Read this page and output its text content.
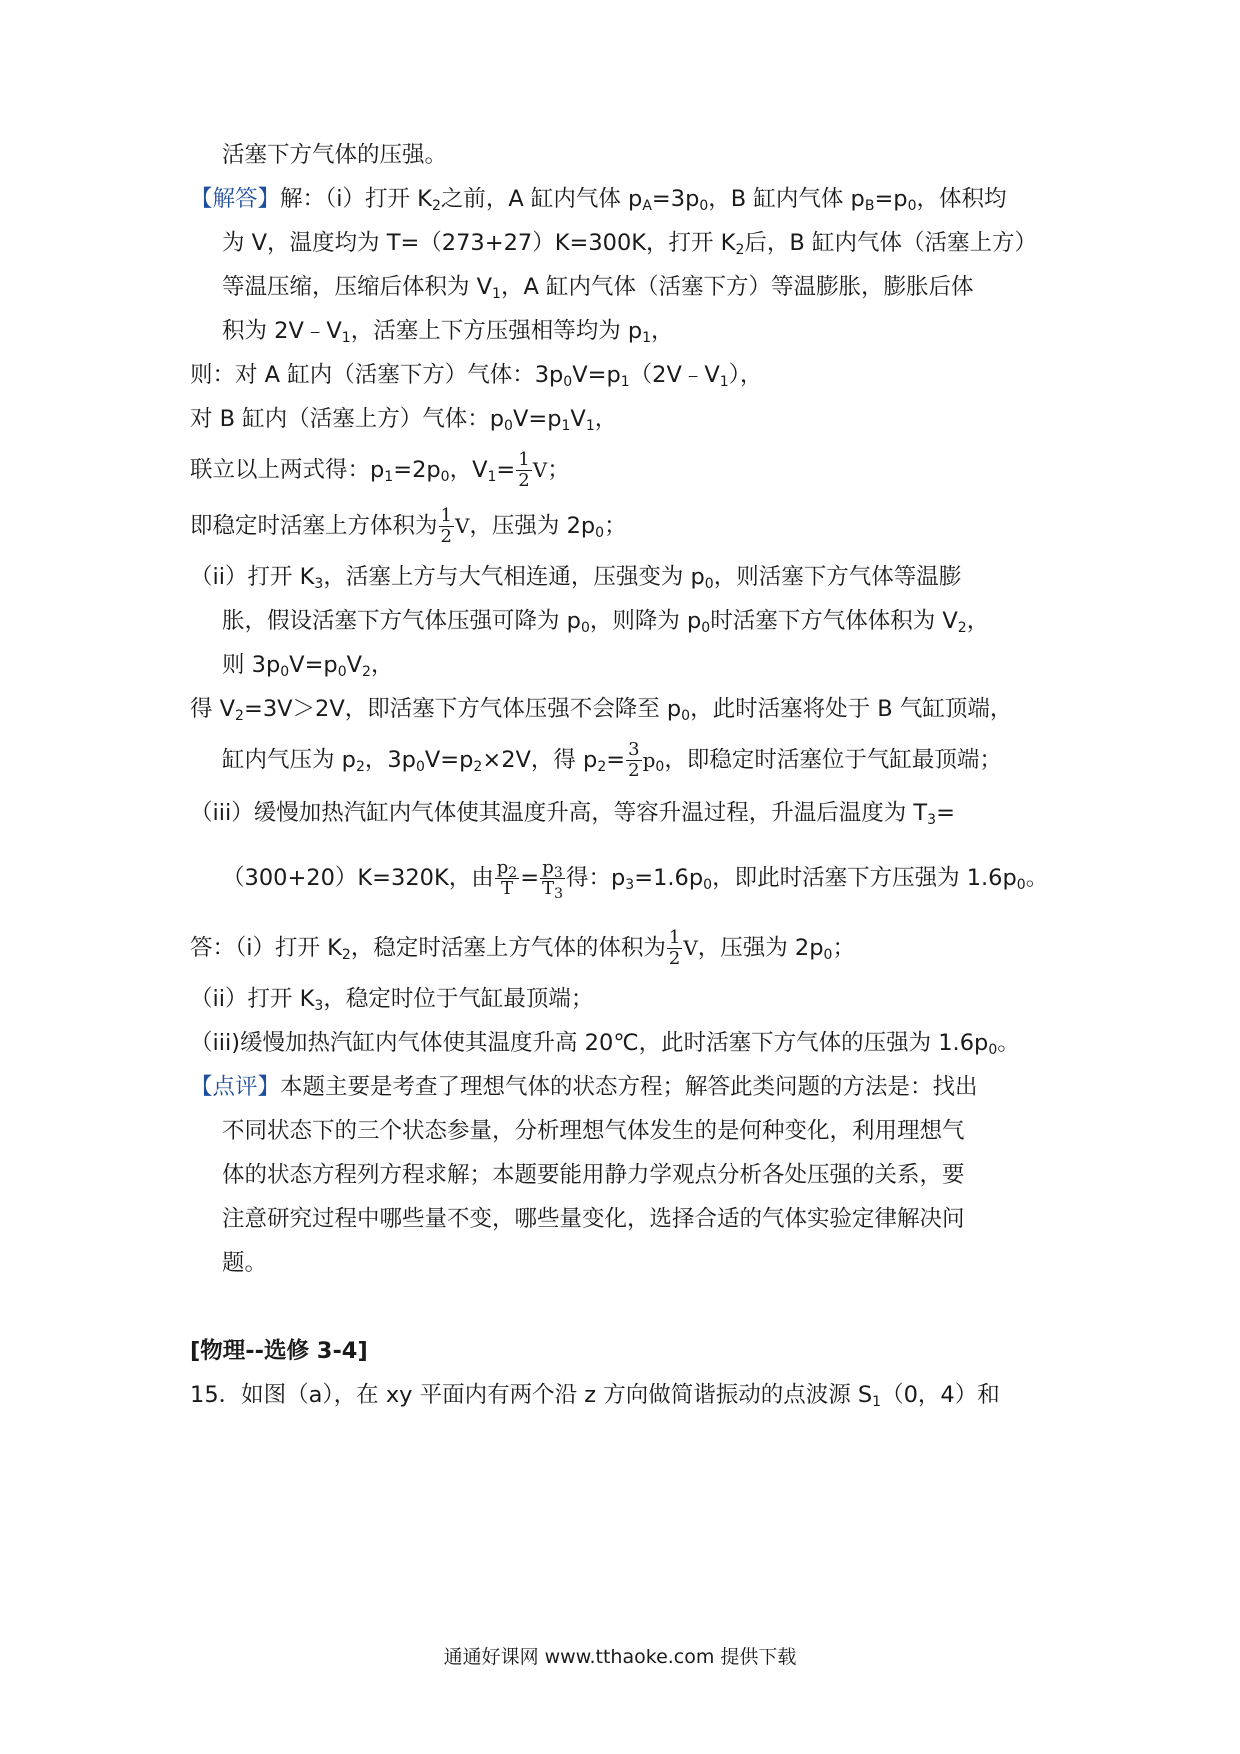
活塞下方气体的压强。
【解答】解：（i）打开 $K_2$之前，A 缸内气体 $p_A=3p_0$，B 缸内气体 $p_B=p_0$，体积均
为 V，温度均为 T=（273+27）K=300K，打开 $K_2$后，B 缸内气体（活塞上方）
等温压缩，压缩后体积为 $V_1$，A 缸内气体（活塞下方）等温膨胀，膨胀后体
积为 $2V﹣V_1$，活塞上下方压强相等均为 $p_1$，
则：对 A 缸内（活塞下方）气体：$3p_0V=p_1(2V﹣V_1)$，
对 B 缸内（活塞上方）气体：$p_0V=p_1V_1$，
联立以上两式得：$p_1=2p_0$，$V_1= \frac{1}{2}$ V；
即稳定时活塞上方体积为 $\frac{1}{2}$ V，压强为 $2p_0$；
（ii）打开 $K_3$，活塞上方与大气相连通，压强变为 $p_0$，则活塞下方气体等温膨
胀，假设活塞下方气体压强可降为 $p_0$，则降为 $p_0$时活塞下方气体体积为 $V_2$，
则 $3p_0V=p_0V_2$，
得 $V_2=3V>2V$，即活塞下方气体压强不会降至 $p_0$，此时活塞将处于 B 气缸顶端，
缸内气压为 $p_2$，$3p_0V=p_2\times 2V$，得 $p_2= \frac{3}{2} p_0$，即稳定时活塞位于气缸最顶端；
（iii）缓慢加热汽缸内气体使其温度升高，等容升温过程，升温后温度为 $T_3=$
（300+20）K=320K，由 $\frac{p_2}{T} = \frac{p_3}{T_3}$ 得：$p_3=1.6p_0$，即此时活塞下方压强为 $1.6p_0$。
答：（i）打开 $K_2$，稳定时活塞上方气体的体积为 $\frac{1}{2}$ V，压强为 $2p_0$；
（ii）打开 $K_3$，稳定时位于气缸最顶端；
（iii)缓慢加热汽缸内气体使其温度升高 20℃，此时活塞下方气体的压强为 $1.6p_0$。
【点评】本题主要是考查了理想气体的状态方程；解答此类问题的方法是：找出
不同状态下的三个状态参量，分析理想气体发生的是何种变化，利用理想气
体的状态方程列方程求解；本题要能用静力学观点分析各处压强的关系，要
注意研究过程中哪些量不变，哪些量变化，选择合适的气体实验定律解决问
题。
[物理--选修 3-4]
15．如图（a），在 xy 平面内有两个沿 z 方向做简谐振动的点波源 $S_1(0$，4）和
通通好课网 www.tthaoke.com 提供下载
